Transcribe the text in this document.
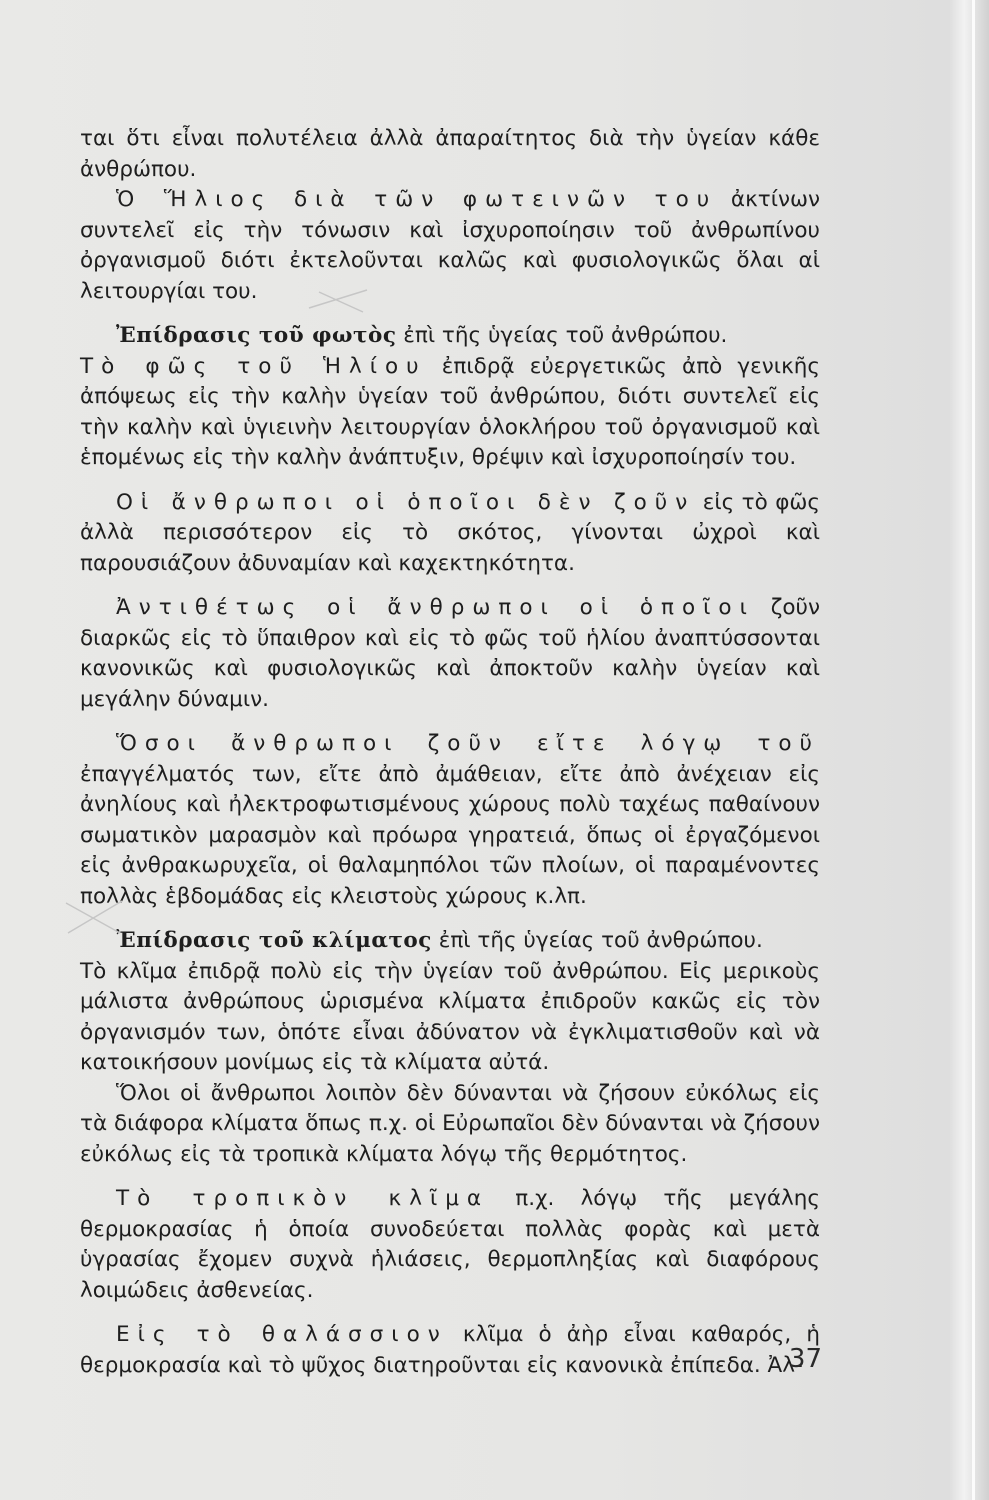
ται ὅτι εἶναι πολυτέλεια ἀλλὰ ἀπαραίτητος διὰ τὴν ὑγείαν κάθε ἀνθρώπου.

Ὁ Ἥλιος διὰ τῶν φωτεινῶν του ἀκτίνων συντελεῖ εἰς τὴν τόνωσιν καὶ ἰσχυροποίησιν τοῦ ἀνθρωπίνου ὀργανισμοῦ διότι ἐκτελοῦνται καλῶς καὶ φυσιολογικῶς ὅλαι αἱ λειτουργίαι του.

Ἐπίδρασις τοῦ φωτὸς ἐπὶ τῆς ὑγείας τοῦ ἀνθρώπου.

Τὸ φῶς τοῦ Ἡλίου ἐπιδρᾷ εὐεργετικῶς ἀπὸ γενικῆς ἀπόψεως εἰς τὴν καλὴν ὑγείαν τοῦ ἀνθρώπου, διότι συντελεῖ εἰς τὴν καλὴν καὶ ὑγιεινὴν λειτουργίαν ὁλοκλήρου τοῦ ὀργανισμοῦ καὶ ἑπομένως εἰς τὴν καλὴν ἀνάπτυξιν, θρέψιν καὶ ἰσχυροποίησίν του.

Οἱ ἄνθρωποι οἱ ὁποῖοι δὲν ζοῦν εἰς τὸ φῶς ἀλλὰ περισσότερον εἰς τὸ σκότος, γίνονται ὠχροὶ καὶ παρουσιάζουν ἀδυναμίαν καὶ καχεκτηκότητα.

Ἀντιθέτως οἱ ἄνθρωποι οἱ ὁποῖοι ζοῦν διαρκῶς εἰς τὸ ὕπαιθρον καὶ εἰς τὸ φῶς τοῦ ἡλίου ἀναπτύσσονται κανονικῶς καὶ φυσιολογικῶς καὶ ἀποκτοῦν καλὴν ὑγείαν καὶ μεγάλην δύναμιν.

Ὅσοι ἄνθρωποι ζοῦν εἴτε λόγῳ τοῦ ἐπαγγέλματός των, εἴτε ἀπὸ ἀμάθειαν, εἴτε ἀπὸ ἀνέχειαν εἰς ἀνηλίους καὶ ἠλεκτροφωτισμένους χώρους πολὺ ταχέως παθαίνουν σωματικὸν μαρασμὸν καὶ πρόωρα γηρατειά, ὅπως οἱ ἐργαζόμενοι εἰς ἀνθρακωρυχεῖα, οἱ θαλαμηπόλοι τῶν πλοίων, οἱ παραμένοντες πολλὰς ἑβδομάδας εἰς κλειστοὺς χώρους κ.λπ.

Ἐπίδρασις τοῦ κλίματος ἐπὶ τῆς ὑγείας τοῦ ἀνθρώπου.

Τὸ κλῖμα ἐπιδρᾷ πολὺ εἰς τὴν ὑγείαν τοῦ ἀνθρώπου. Εἰς μερικοὺς μάλιστα ἀνθρώπους ὡρισμένα κλίματα ἐπιδροῦν κακῶς εἰς τὸν ὀργανισμόν των, ὁπότε εἶναι ἀδύνατον νὰ ἐγκλιματισθοῦν καὶ νὰ κατοικήσουν μονίμως εἰς τὰ κλίματα αὐτά.

Ὅλοι οἱ ἄνθρωποι λοιπὸν δὲν δύνανται νὰ ζήσουν εὐκόλως εἰς τὰ διάφορα κλίματα ὅπως π.χ. οἱ Εὐρωπαῖοι δὲν δύνανται νὰ ζήσουν εὐκόλως εἰς τὰ τροπικὰ κλίματα λόγῳ τῆς θερμότητος.

Τὸ τροπικὸν κλῖμα π.χ. λόγῳ τῆς μεγάλης θερμοκρασίας ἡ ὁποία συνοδεύεται πολλὰς φορὰς καὶ μετὰ ὑγρασίας ἔχομεν συχνὰ ἡλιάσεις, θερμοπληξίας καὶ διαφόρους λοιμώδεις ἀσθενείας.

Εἰς τὸ θαλάσσιον κλῖμα ὁ ἀὴρ εἶναι καθαρός, ἡ θερμοκρασία καὶ τὸ ψῦχος διατηροῦνται εἰς κανονικὰ ἐπίπεδα. Ἀλ-

37
